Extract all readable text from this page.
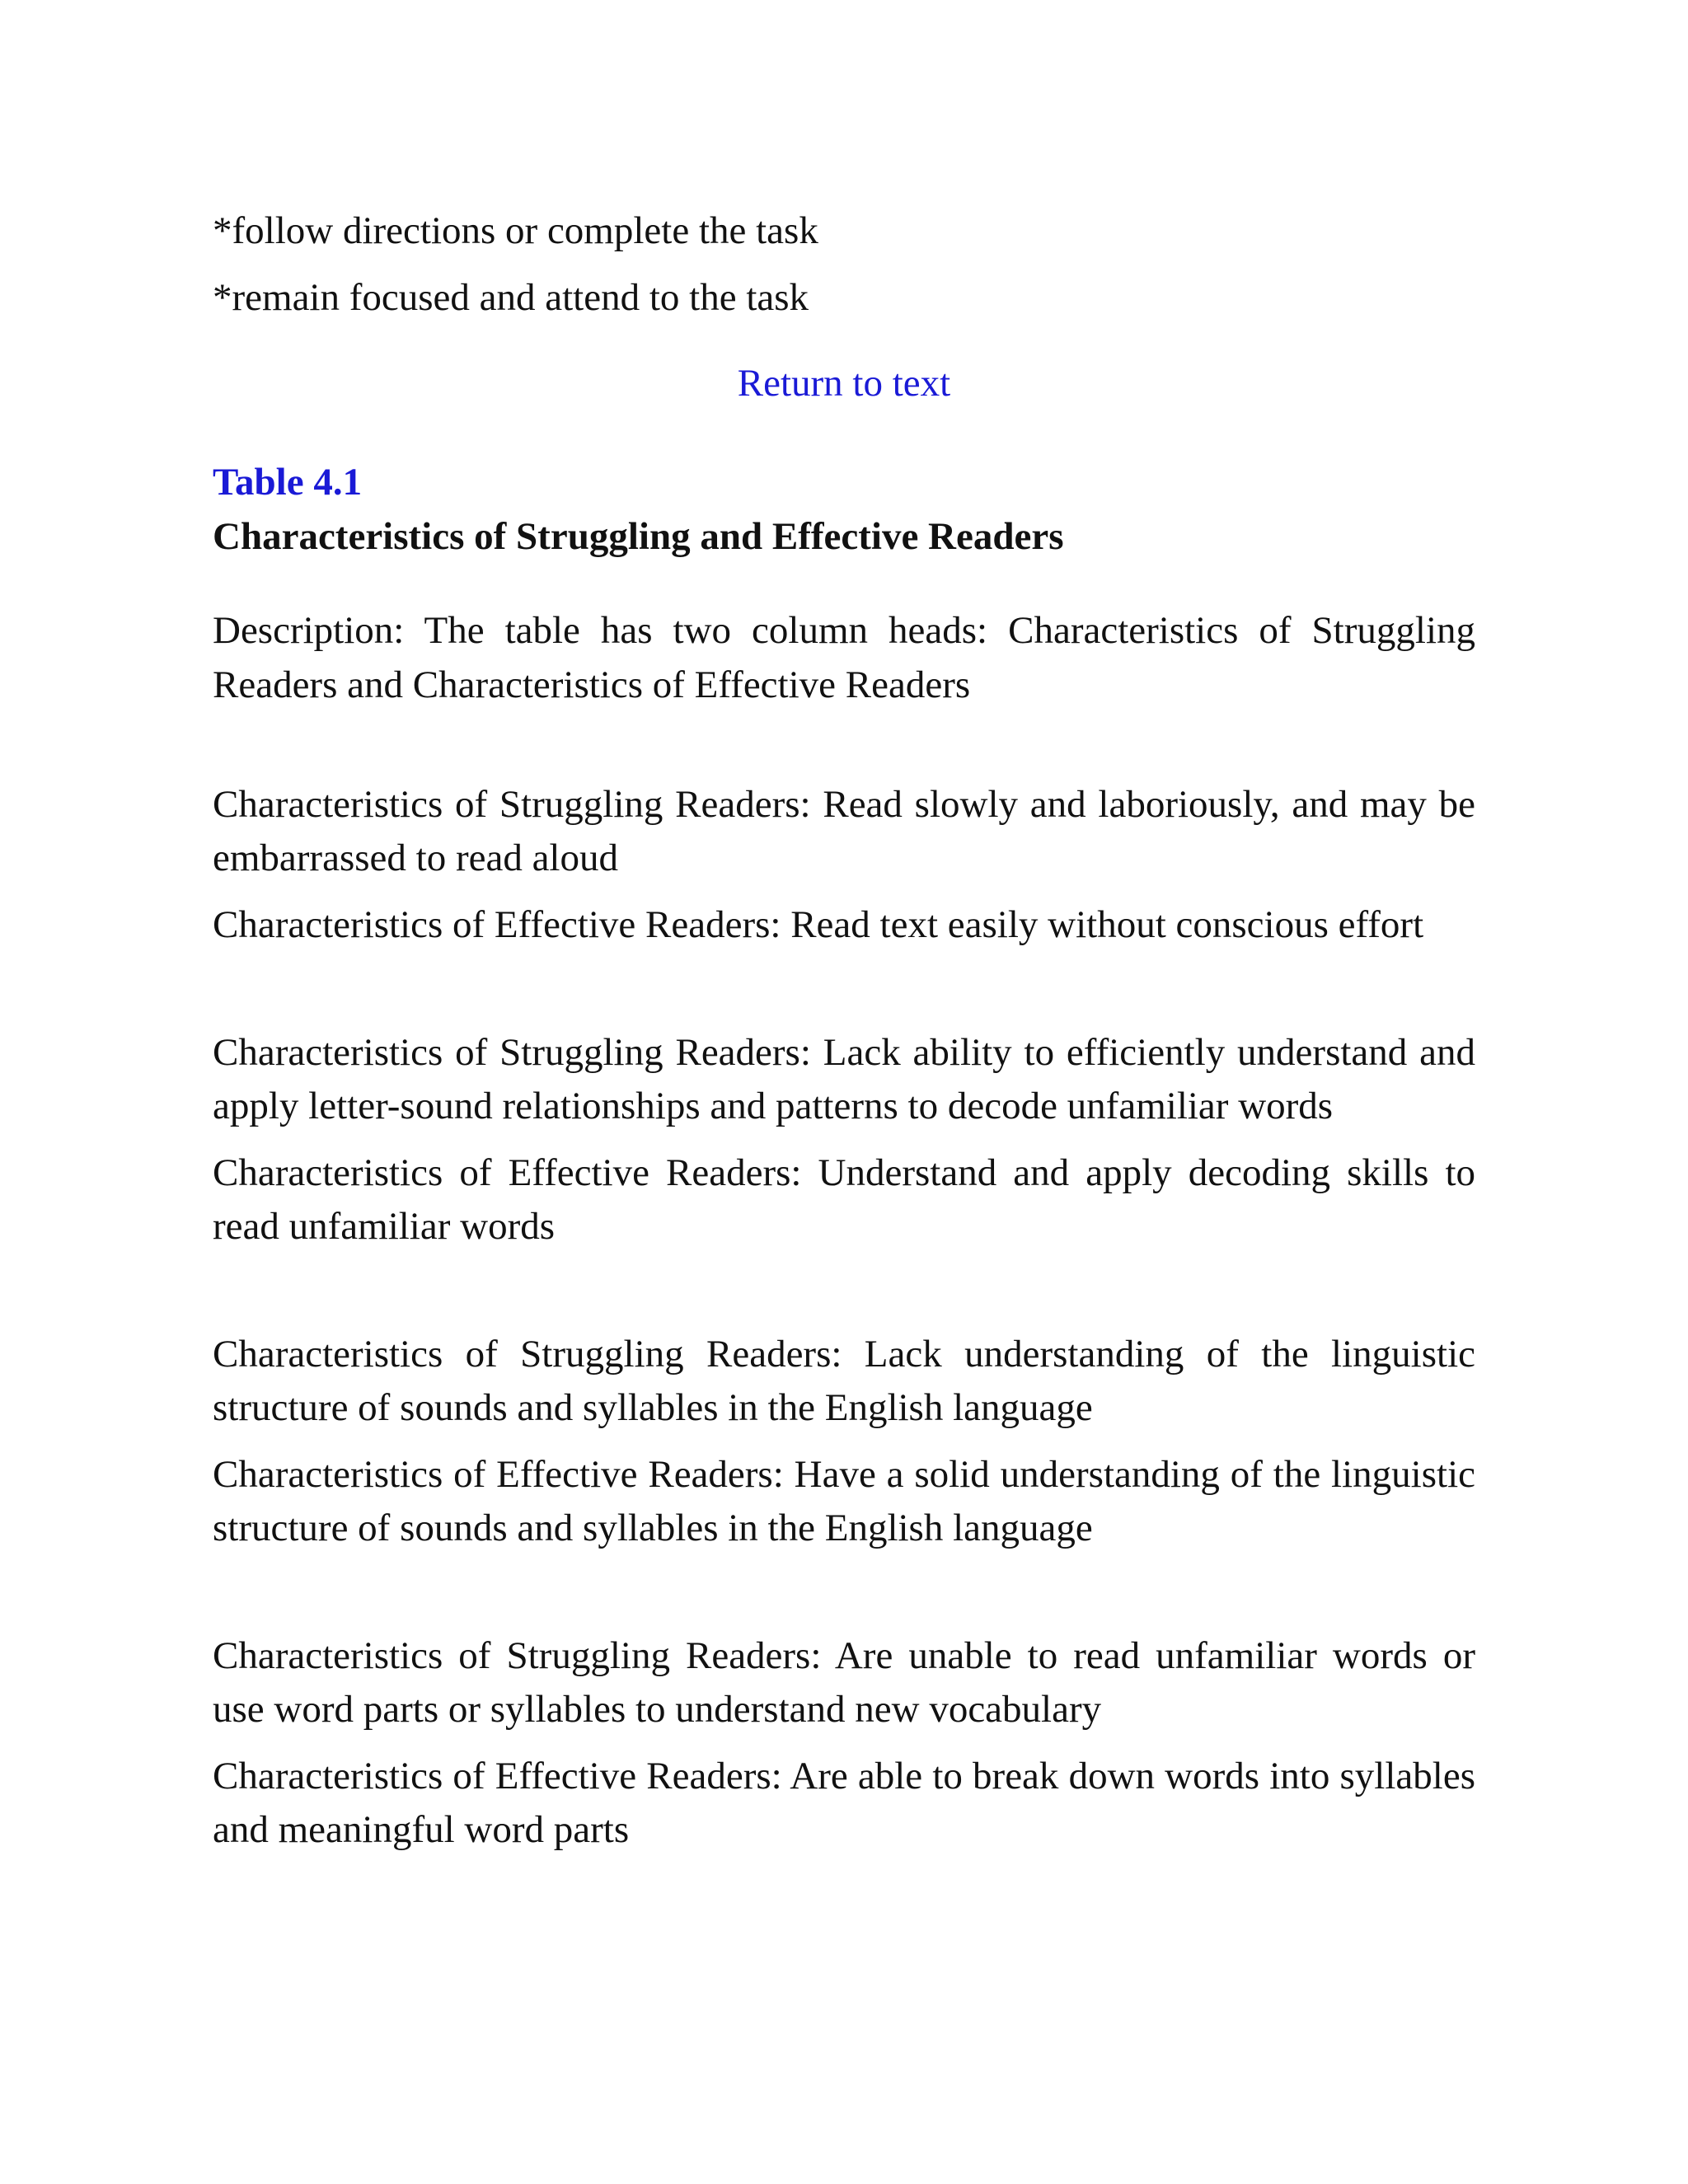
*follow directions or complete the task

*remain focused and attend to the task

Return to text

Table 4.1

Characteristics of Struggling and Effective Readers

Description: The table has two column heads: Characteristics of Struggling Readers and Characteristics of Effective Readers

Characteristics of Struggling Readers: Read slowly and laboriously, and may be embarrassed to read aloud

Characteristics of Effective Readers: Read text easily without conscious effort

Characteristics of Struggling Readers: Lack ability to efficiently understand and apply letter-sound relationships and patterns to decode unfamiliar words

Characteristics of Effective Readers: Understand and apply decoding skills to read unfamiliar words

Characteristics of Struggling Readers: Lack understanding of the linguistic structure of sounds and syllables in the English language

Characteristics of Effective Readers: Have a solid understanding of the linguistic structure of sounds and syllables in the English language

Characteristics of Struggling Readers: Are unable to read unfamiliar words or use word parts or syllables to understand new vocabulary

Characteristics of Effective Readers: Are able to break down words into syllables and meaningful word parts
